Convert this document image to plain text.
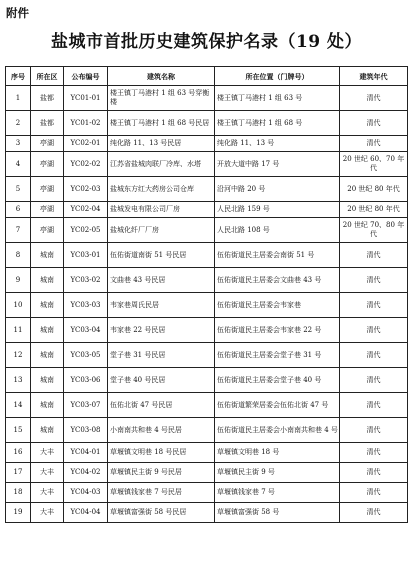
附件
盐城市首批历史建筑保护名录（19 处）
序号	所在区	公布编号	建筑名称	所在位置（门牌号）	建筑年代
1	盐都	YC01-01	楼王镇丁马港村 1 组 63 号穿衡楼	楼王镇丁马港村 1 组 63 号	清代
2	盐都	YC01-02	楼王镇丁马港村 1 组 68 号民居	楼王镇丁马港村 1 组 68 号	清代
3	亭湖	YC02-01	纯化路 11、13 号民居	纯化路 11、13 号	清代
4	亭湖	YC02-02	江苏省盐城肉联厂冷库、水塔	开放大道中路 17 号	20 世纪 60、70 年代
5	亭湖	YC02-03	盐城东方红大药房公司仓库	沿河中路 20 号	20 世纪 80 年代
6	亭湖	YC02-04	盐城发电有限公司厂房	人民北路 159 号	20 世纪 80 年代
7	亭湖	YC02-05	盐城化纤厂厂房	人民北路 108 号	20 世纪 70、80 年代
8	城南	YC03-01	伍佑街道南街 51 号民居	伍佑街道民主居委会南街 51 号	清代
9	城南	YC03-02	文曲巷 43 号民居	伍佑街道民主居委会文曲巷 43 号	清代
10	城南	YC03-03	韦家巷周氏民居	伍佑街道民主居委会韦家巷	清代
11	城南	YC03-04	韦家巷 22 号民居	伍佑街道民主居委会韦家巷 22 号	清代
12	城南	YC03-05	堂子巷 31 号民居	伍佑街道民主居委会堂子巷 31 号	清代
13	城南	YC03-06	堂子巷 40 号民居	伍佑街道民主居委会堂子巷 40 号	清代
14	城南	YC03-07	伍佑北街 47 号民居	伍佑街道繁荣居委会伍佑北街 47 号	清代
15	城南	YC03-08	小南南共和巷 4 号民居	伍佑街道民主居委会小南南共和巷 4 号	清代
16	大丰	YC04-01	草堰镇文明巷 18 号民居	草堰镇文明巷 18 号	清代
17	大丰	YC04-02	草堰镇民主街 9 号民居	草堰镇民主街 9 号	清代
18	大丰	YC04-03	草堰镇钱家巷 7 号民居	草堰镇钱家巷 7 号	清代
19	大丰	YC04-04	草堰镇富强街 58 号民居	草堰镇富强街 58 号	清代
